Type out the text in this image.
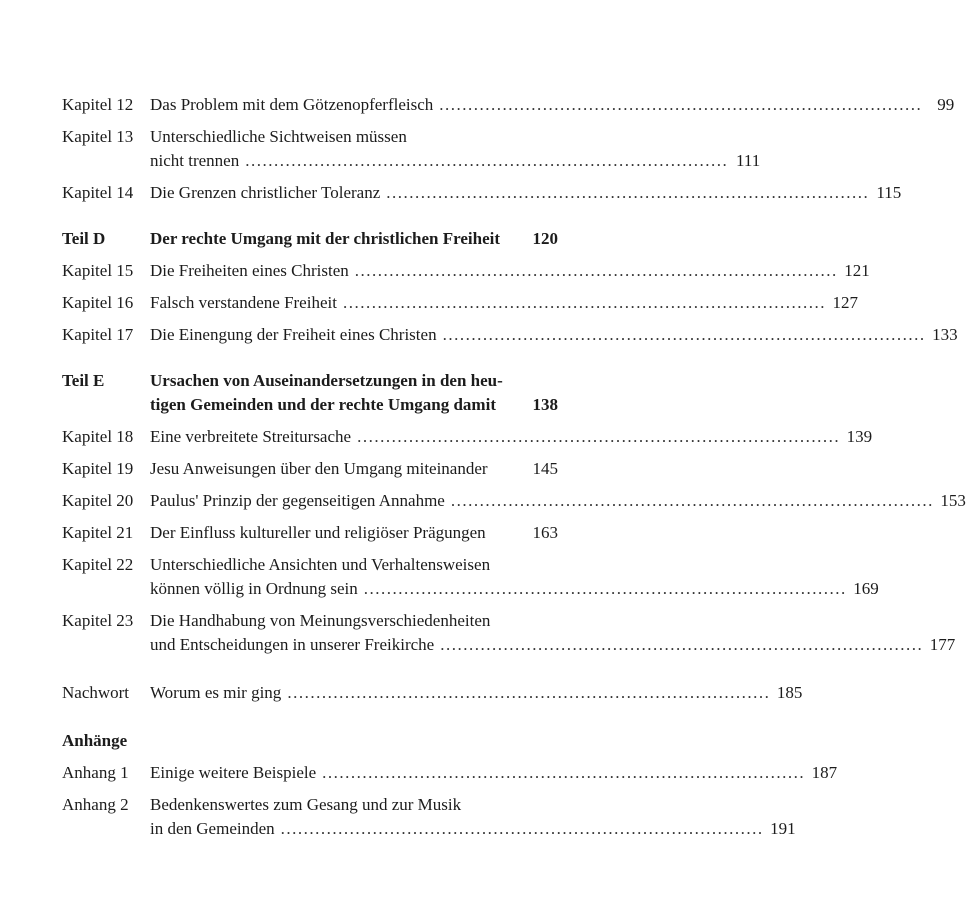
Kapitel 12 Das Problem mit dem Götzenopferfleisch .................................................................................... 99
Kapitel 13 Unterschiedliche Sichtweisen müssen
nicht trennen .................................................................................... 111
Kapitel 14 Die Grenzen christlicher Toleranz .................................................................................... 115
Teil D	Der rechte Umgang mit der christlichen Freiheit 120
Kapitel 15 Die Freiheiten eines Christen .................................................................................... 121
Kapitel 16 Falsch verstandene Freiheit .................................................................................... 127
Kapitel 17 Die Einengung der Freiheit eines Christen .................................................................................... 133
Teil E	Ursachen von Auseinandersetzungen in den heu-
tigen Gemeinden und der rechte Umgang damit 138
Kapitel 18 Eine verbreitete Streitursache .................................................................................... 139
Kapitel 19 Jesu Anweisungen über den Umgang miteinander	145
Kapitel 20 Paulus' Prinzip der gegenseitigen Annahme .................................................................................... 153
Kapitel 21 Der Einfluss kultureller und religiöser Prägungen	163
Kapitel 22 Unterschiedliche Ansichten und Verhaltensweisen
können völlig in Ordnung sein .................................................................................... 169
Kapitel 23 Die Handhabung von Meinungsverschiedenheiten
und Entscheidungen in unserer Freikirche .................................................................................... 177
Nachwort	Worum es mir ging .................................................................................... 185
Anhänge
Anhang 1	Einige weitere Beispiele .................................................................................... 187
Anhang 2	Bedenkenswertes zum Gesang und zur Musik
in den Gemeinden .................................................................................... 191
